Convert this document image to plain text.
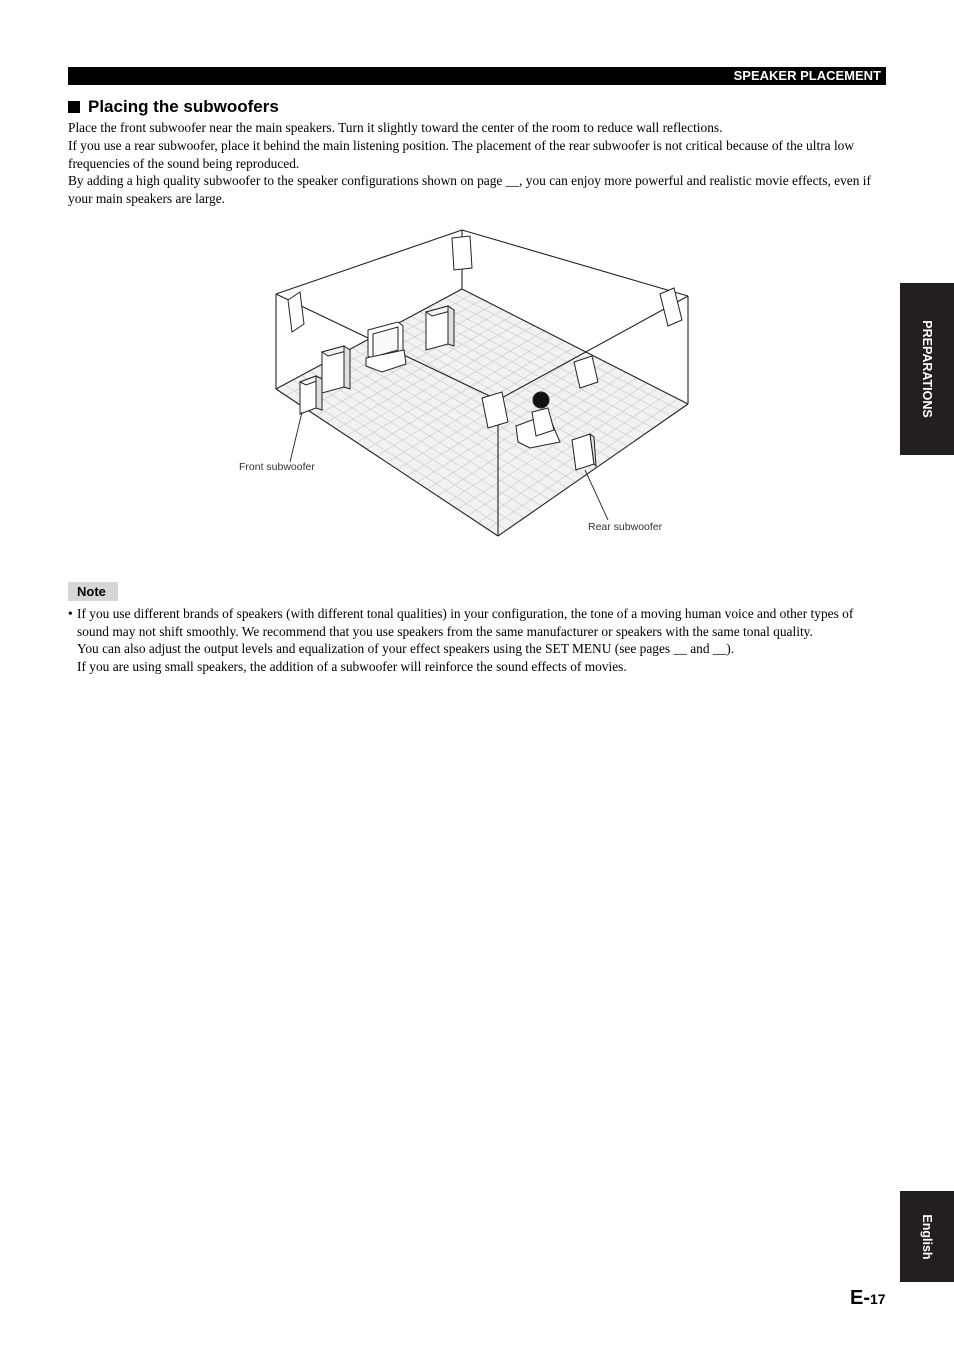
SPEAKER PLACEMENT
Placing the subwoofers

Place the front subwoofer near the main speakers. Turn it slightly toward the center of the room to reduce wall reflections.

If you use a rear subwoofer, place it behind the main listening position. The placement of the rear subwoofer is not critical because of the ultra low frequencies of the sound being reproduced.

By adding a high quality subwoofer to the speaker configurations shown on page __, you can enjoy more powerful and realistic movie effects, even if your main speakers are large.

Front subwoofer
Rear subwoofer
Note
• If you use different brands of speakers (with different tonal qualities) in your configuration, the tone of a moving human voice and other types of sound may not shift smoothly. We recommend that you use speakers from the same manufacturer or speakers with the same tonal quality.
You can also adjust the output levels and equalization of your effect speakers using the SET MENU (see pages __ and __).
If you are using small speakers, the addition of a subwoofer will reinforce the sound effects of movies.
PREPARATIONS
English
E-17
